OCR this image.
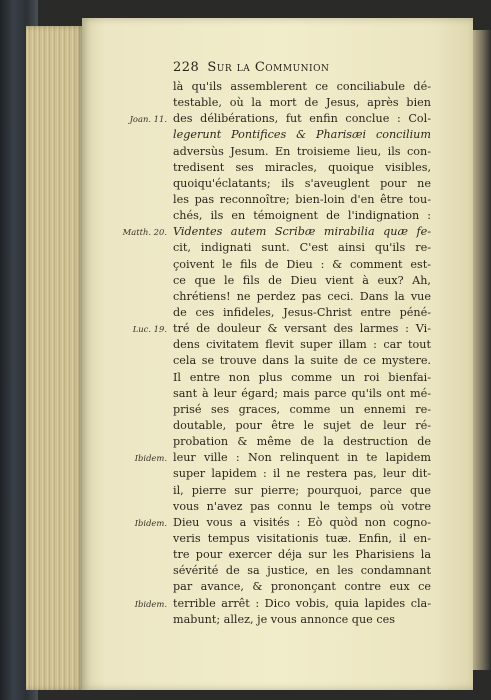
228 Sur la Communion
là qu'ils assemblerent ce conciliabule dé-
testable, où la mort de Jesus, après bien
des délibérations, fut enfin conclue : Col-
Joan. 11.
legerunt Pontifices & Pharisæi concilium
adversùs Jesum. En troisieme lieu, ils con-
tredisent ses miracles, quoique visibles,
quoiqu'éclatants; ils s'aveuglent pour ne
les pas reconnoître; bien-loin d'en être tou-
chés, ils en témoignent de l'indignation :
Videntes autem Scribæ mirabilia quæ fe-
Matth. 20.
cit, indignati sunt. C'est ainsi qu'ils re-
çoivent le fils de Dieu : & comment est-
ce que le fils de Dieu vient à eux? Ah,
chrétiens! ne perdez pas ceci. Dans la vue
de ces infideles, Jesus-Christ entre péné-
tré de douleur & versant des larmes : Vi-
Luc. 19.
dens civitatem flevit super illam : car tout
cela se trouve dans la suite de ce mystere.
Il entre non plus comme un roi bienfai-
sant à leur égard; mais parce qu'ils ont mé-
prisé ses graces, comme un ennemi re-
doutable, pour être le sujet de leur ré-
probation & même de la destruction de
leur ville : Non relinquent in te lapidem
Ibidem.
super lapidem : il ne restera pas, leur dit-
il, pierre sur pierre; pourquoi, parce que
vous n'avez pas connu le temps où votre
Dieu vous a visités : Eò quòd non cogno-
Ibidem.
veris tempus visitationis tuæ. Enfin, il en-
tre pour exercer déja sur les Pharisiens la
sévérité de sa justice, en les condamnant
par avance, & prononçant contre eux ce
terrible arrêt : Dico vobis, quia lapides cla-
Ibidem.
mabunt; allez, je vous annonce que ces
